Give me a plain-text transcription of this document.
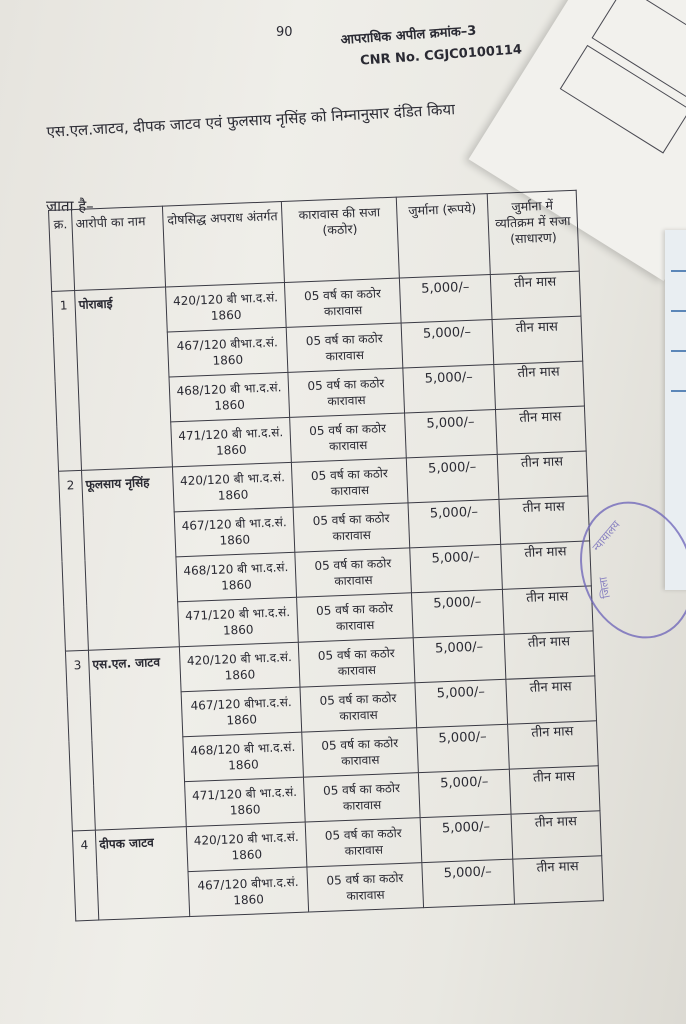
90	आपराधिक अपील क्रमांक–3
CNR No. CGJC0100114
एस.एल.जाटव, दीपक जाटव एवं फुलसाय नृसिंह को निम्नानुसार दंडित किया
जाता है–
क्र.	आरोपी का नाम	दोषसिद्ध अपराध अंतर्गत	कारावास की सजा (कठोर)	जुर्माना (रूपये)	जुर्माना में व्यतिक्रम में सजा (साधारण)
1	पोराबाई	420/120 बी भा.द.सं. 1860	05 वर्ष का कठोर कारावास	5,000/–	तीन मास
		467/120 बीभा.द.सं. 1860	05 वर्ष का कठोर कारावास	5,000/–	तीन मास
		468/120 बी भा.द.सं. 1860	05 वर्ष का कठोर कारावास	5,000/–	तीन मास
		471/120 बी भा.द.सं. 1860	05 वर्ष का कठोर कारावास	5,000/–	तीन मास
2	फूलसाय नृसिंह	420/120 बी भा.द.सं. 1860	05 वर्ष का कठोर कारावास	5,000/–	तीन मास
		467/120 बी भा.द.सं. 1860	05 वर्ष का कठोर कारावास	5,000/–	तीन मास
		468/120 बी भा.द.सं. 1860	05 वर्ष का कठोर कारावास	5,000/–	तीन मास
		471/120 बी भा.द.सं. 1860	05 वर्ष का कठोर कारावास	5,000/–	तीन मास
3	एस.एल. जाटव	420/120 बी भा.द.सं. 1860	05 वर्ष का कठोर कारावास	5,000/–	तीन मास
		467/120 बीभा.द.सं. 1860	05 वर्ष का कठोर कारावास	5,000/–	तीन मास
		468/120 बी भा.द.सं. 1860	05 वर्ष का कठोर कारावास	5,000/–	तीन मास
		471/120 बी भा.द.सं. 1860	05 वर्ष का कठोर कारावास	5,000/–	तीन मास
4	दीपक जाटव	420/120 बी भा.द.सं. 1860	05 वर्ष का कठोर कारावास	5,000/–	तीन मास
		467/120 बीभा.द.सं. 1860	05 वर्ष का कठोर कारावास	5,000/–	तीन मास
न्यायालय
जिला
